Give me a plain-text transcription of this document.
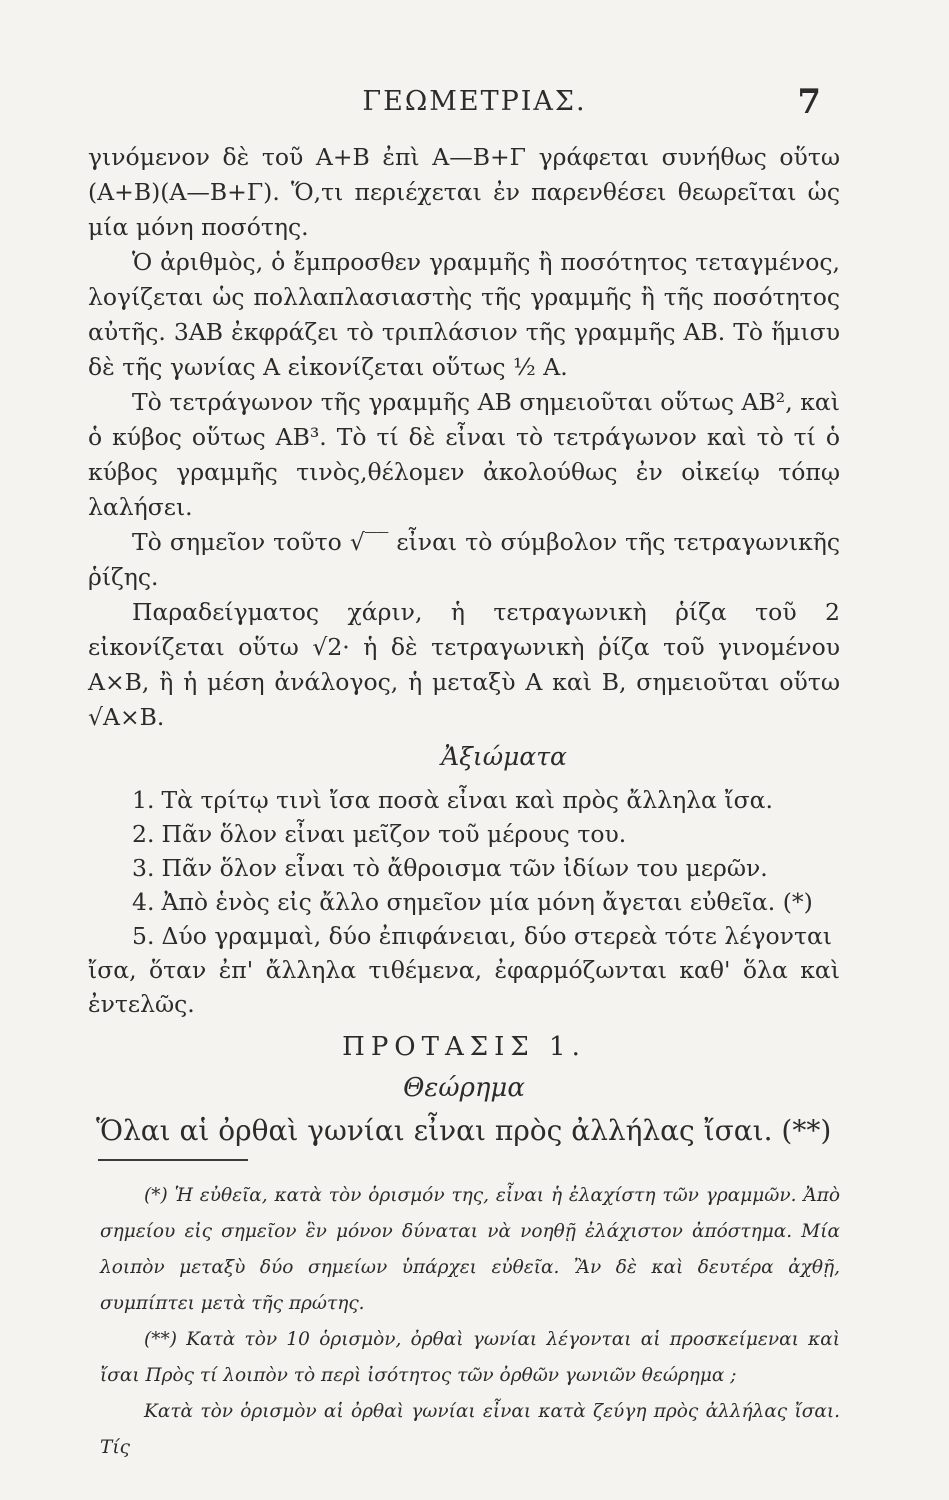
ΓΕΩΜΕΤΡΙΑΣ.	7

γινόμενον δὲ τοῦ Α+Β ἐπὶ Α—Β+Γ γράφεται συνήθως οὕτω (Α+Β)(Α—Β+Γ). Ὅ,τι περιέχεται ἐν παρενθέσει θεωρεῖται ὡς μία μόνη ποσότης.

Ὁ ἀριθμὸς, ὁ ἔμπροσθεν γραμμῆς ἢ ποσότητος τεταγμένος, λογίζεται ὡς πολλαπλασιαστὴς τῆς γραμμῆς ἢ τῆς ποσότητος αὐτῆς. 3ΑΒ ἐκφράζει τὸ τριπλάσιον τῆς γραμμῆς ΑΒ. Τὸ ἥμισυ δὲ τῆς γωνίας Α εἰκονίζεται οὕτως ½ Α.

Τὸ τετράγωνον τῆς γραμμῆς ΑΒ σημειοῦται οὕτως ΑΒ², καὶ ὁ κύβος οὕτως ΑΒ³. Τὸ τί δὲ εἶναι τὸ τετράγωνον καὶ τὸ τί ὁ κύβος γραμμῆς τινὸς,θέλομεν ἀκολούθως ἐν οἰκείῳ τόπῳ λαλήσει.

Τὸ σημεῖον τοῦτο √‾‾ εἶναι τὸ σύμβολον τῆς τετραγωνικῆς ῥίζης.

Παραδείγματος χάριν, ἡ τετραγωνικὴ ῥίζα τοῦ 2 εἰκονίζεται οὕτω √2· ἡ δὲ τετραγωνικὴ ῥίζα τοῦ γινομένου Α×Β, ἢ ἡ μέση ἀνάλογος, ἡ μεταξὺ Α καὶ Β, σημειοῦται οὕτω √Α×Β.

Ἀξιώματα

1. Τὰ τρίτῳ τινὶ ἴσα ποσὰ εἶναι καὶ πρὸς ἄλληλα ἴσα.

2. Πᾶν ὅλον εἶναι μεῖζον τοῦ μέρους του.

3. Πᾶν ὅλον εἶναι τὸ ἄθροισμα τῶν ἰδίων του μερῶν.

4. Ἀπὸ ἑνὸς εἰς ἄλλο σημεῖον μία μόνη ἄγεται εὐθεῖα. (*)

5. Δύο γραμμαὶ, δύο ἐπιφάνειαι, δύο στερεὰ τότε λέγονται

ἴσα, ὅταν ἐπ' ἄλληλα τιθέμενα, ἐφαρμόζωνται καθ' ὅλα καὶ ἐντελῶς.

ΠΡΟΤΑΣΙΣ 1.
Θεώρημα

Ὅλαι αἱ ὀρθαὶ γωνίαι εἶναι πρὸς ἀλλήλας ἴσαι. (**)

(*) Ἡ εὐθεῖα, κατὰ τὸν ὁρισμόν της, εἶναι ἡ ἐλαχίστη τῶν γραμμῶν. Ἀπὸ σημείου εἰς σημεῖον ἓν μόνον δύναται νὰ νοηθῇ ἐλάχιστον ἀπόστημα. Μία λοιπὸν μεταξὺ δύο σημείων ὑπάρχει εὐθεῖα. Ἂν δὲ καὶ δευτέρα ἀχθῇ, συμπίπτει μετὰ τῆς πρώτης.

(**) Κατὰ τὸν 10 ὁρισμὸν, ὀρθαὶ γωνίαι λέγονται αἱ προσκείμεναι καὶ ἴσαι Πρὸς τί λοιπὸν τὸ περὶ ἰσότητος τῶν ὀρθῶν γωνιῶν θεώρημα ;

Κατὰ τὸν ὁρισμὸν αἱ ὀρθαὶ γωνίαι εἶναι κατὰ ζεύγη πρὸς ἀλλήλας ἴσαι. Τίς
